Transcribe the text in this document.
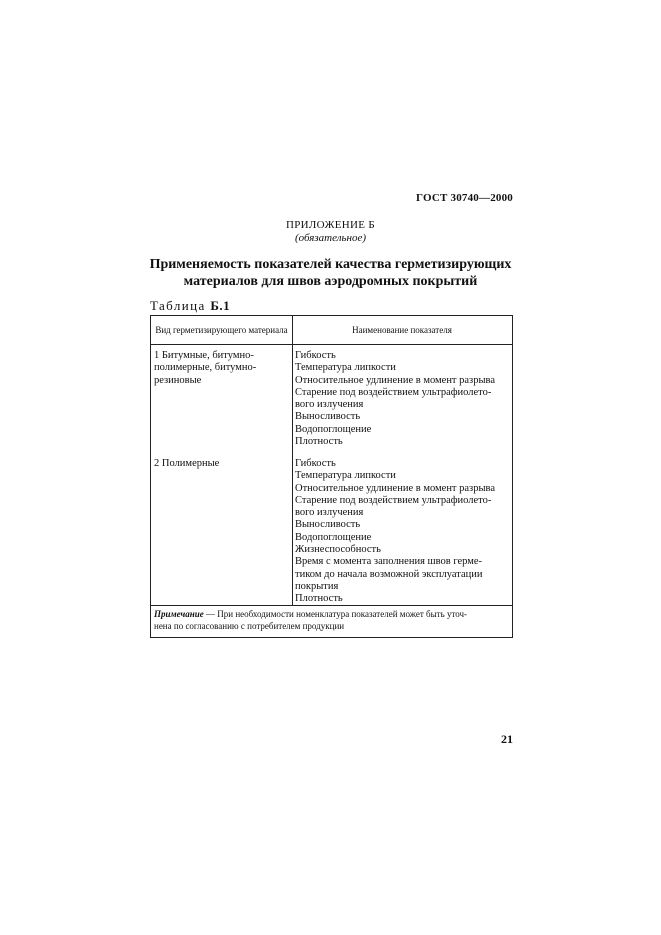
ГОСТ 30740—2000
ПРИЛОЖЕНИЕ Б
(обязательное)
Применяемость показателей качества герметизирующих
материалов для швов аэродромных покрытий
Таблица Б.1
Вид герметизирующего материала	Наименование показателя
1 Битумные, битумно-
полимерные, битумно-
резиновые
Гибкость
Температура липкости
Относительное удлинение в момент разрыва
Старение под воздействием ультрафиолето-
вого излучения
Выносливость
Водопоглощение
Плотность
2 Полимерные	Гибкость
Температура липкости
Относительное удлинение в момент разрыва
Старение под воздействием ультрафиолето-
вого излучения
Выносливость
Водопоглощение
Жизнеспособность
Время с момента заполнения швов герме-
тиком до начала возможной эксплуатации
покрытия
Плотность
Примечание — При необходимости номенклатура показателей может быть уточ-
нена по согласованию с потребителем продукции
21
